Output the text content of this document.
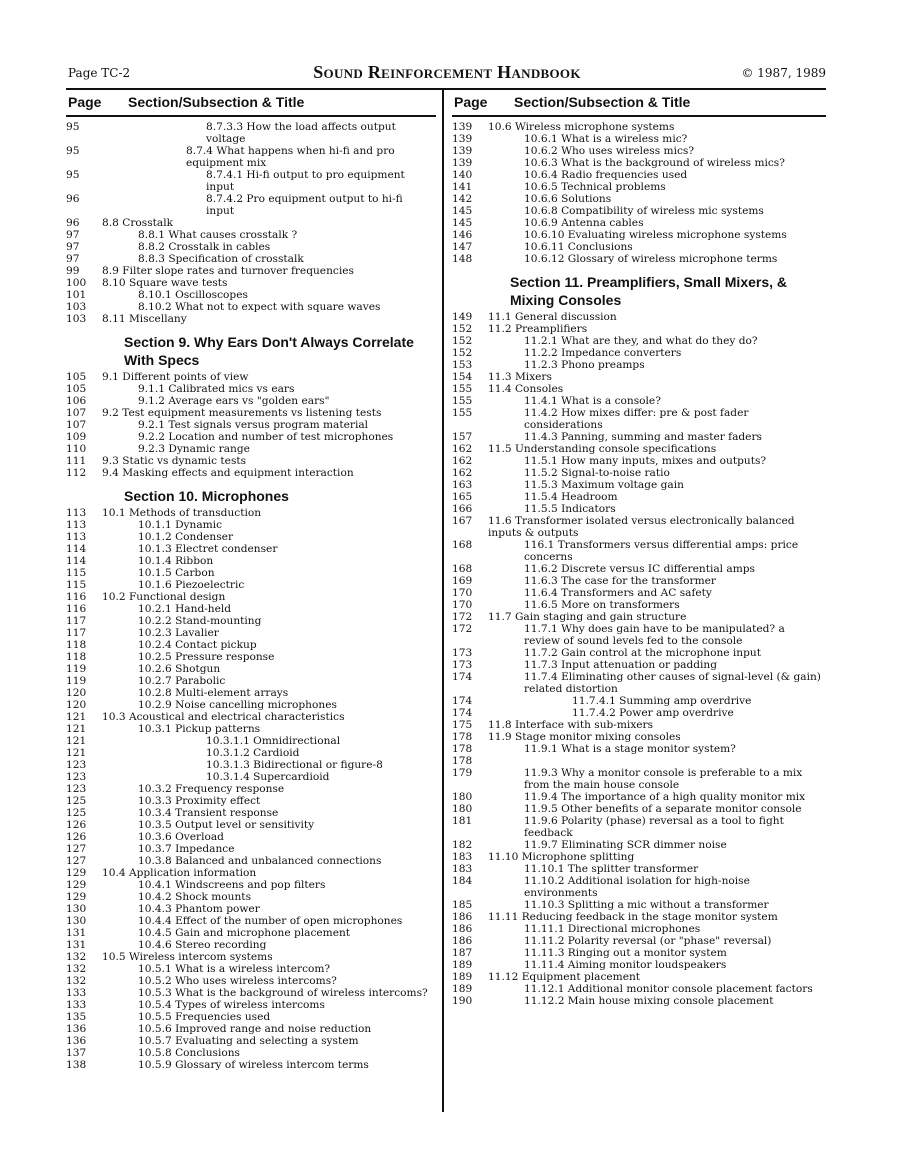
Page TC-2	Sound Reinforcement Handbook	© 1987, 1989
Page Section/Subsection & Title
95	8.7.3.3 How the load affects output voltage
95	8.7.4 What happens when hi-fi and pro equipment mix
95	8.7.4.1 Hi-fi output to pro equipment input
96	8.7.4.2 Pro equipment output to hi-fi input
96	8.8 Crosstalk
97	8.8.1 What causes crosstalk ?
97	8.8.2 Crosstalk in cables
97	8.8.3 Specification of crosstalk
99	8.9 Filter slope rates and turnover frequencies
100	8.10 Square wave tests
101	8.10.1 Oscilloscopes
103	8.10.2 What not to expect with square waves
103	8.11 Miscellany
Section 9. Why Ears Don't Always Correlate With Specs
105	9.1 Different points of view
105	9.1.1 Calibrated mics vs ears
106	9.1.2 Average ears vs "golden ears"
107	9.2 Test equipment measurements vs listening tests
107	9.2.1 Test signals versus program material
109	9.2.2 Location and number of test microphones
110	9.2.3 Dynamic range
111	9.3 Static vs dynamic tests
112	9.4 Masking effects and equipment interaction
Section 10. Microphones
113	10.1 Methods of transduction
113	10.1.1 Dynamic
113	10.1.2 Condenser
114	10.1.3 Electret condenser
114	10.1.4 Ribbon
115	10.1.5 Carbon
115	10.1.6 Piezoelectric
116	10.2 Functional design
116	10.2.1 Hand-held
117	10.2.2 Stand-mounting
117	10.2.3 Lavalier
118	10.2.4 Contact pickup
118	10.2.5 Pressure response
119	10.2.6 Shotgun
119	10.2.7 Parabolic
120	10.2.8 Multi-element arrays
120	10.2.9 Noise cancelling microphones
121	10.3 Acoustical and electrical characteristics
121	10.3.1 Pickup patterns
121	10.3.1.1 Omnidirectional
121	10.3.1.2 Cardioid
123	10.3.1.3 Bidirectional or figure-8
123	10.3.1.4 Supercardioid
123	10.3.2 Frequency response
125	10.3.3 Proximity effect
125	10.3.4 Transient response
126	10.3.5 Output level or sensitivity
126	10.3.6 Overload
127	10.3.7 Impedance
127	10.3.8 Balanced and unbalanced connections
129	10.4 Application information
129	10.4.1 Windscreens and pop filters
129	10.4.2 Shock mounts
130	10.4.3 Phantom power
130	10.4.4 Effect of the number of open microphones
131	10.4.5 Gain and microphone placement
131	10.4.6 Stereo recording
132	10.5 Wireless intercom systems
132	10.5.1 What is a wireless intercom?
132	10.5.2 Who uses wireless intercoms?
133	10.5.3 What is the background of wireless intercoms?
133	10.5.4 Types of wireless intercoms
135	10.5.5 Frequencies used
136	10.5.6 Improved range and noise reduction
136	10.5.7 Evaluating and selecting a system
137	10.5.8 Conclusions
138	10.5.9 Glossary of wireless intercom terms
Page Section/Subsection & Title
139	10.6 Wireless microphone systems
139	10.6.1 What is a wireless mic?
139	10.6.2 Who uses wireless mics?
139	10.6.3 What is the background of wireless mics?
140	10.6.4 Radio frequencies used
141	10.6.5 Technical problems
142	10.6.6 Solutions
145	10.6.8 Compatibility of wireless mic systems
145	10.6.9 Antenna cables
146	10.6.10 Evaluating wireless microphone systems
147	10.6.11 Conclusions
148	10.6.12 Glossary of wireless microphone terms
Section 11. Preamplifiers, Small Mixers, & Mixing Consoles
149	11.1 General discussion
152	11.2 Preamplifiers
152	11.2.1 What are they, and what do they do?
152	11.2.2 Impedance converters
153	11.2.3 Phono preamps
154	11.3 Mixers
155	11.4 Consoles
155	11.4.1 What is a console?
155	11.4.2 How mixes differ: pre & post fader considerations
157	11.4.3 Panning, summing and master faders
162	11.5 Understanding console specifications
162	11.5.1 How many inputs, mixes and outputs?
162	11.5.2 Signal-to-noise ratio
163	11.5.3 Maximum voltage gain
165	11.5.4 Headroom
166	11.5.5 Indicators
167	11.6 Transformer isolated versus electronically balanced inputs & outputs
168	116.1 Transformers versus differential amps: price concerns
168	11.6.2 Discrete versus IC differential amps
169	11.6.3 The case for the transformer
170	11.6.4 Transformers and AC safety
170	11.6.5 More on transformers
172	11.7 Gain staging and gain structure
172	11.7.1 Why does gain have to be manipulated? a review of sound levels fed to the console
173	11.7.2 Gain control at the microphone input
173	11.7.3 Input attenuation or padding
174	11.7.4 Eliminating other causes of signal-level (& gain) related distortion
174	11.7.4.1 Summing amp overdrive
174	11.7.4.2 Power amp overdrive
175	11.8 Interface with sub-mixers
178	11.9 Stage monitor mixing consoles
178	11.9.1 What is a stage monitor system?
178

179	11.9.3 Why a monitor console is preferable to a mix from the main house console
180	11.9.4 The importance of a high quality monitor mix
180	11.9.5 Other benefits of a separate monitor console
181	11.9.6 Polarity (phase) reversal as a tool to fight feedback
182	11.9.7 Eliminating SCR dimmer noise
183	11.10 Microphone splitting
183	11.10.1 The splitter transformer
184	11.10.2 Additional isolation for high-noise environments
185	11.10.3 Splitting a mic without a transformer
186	11.11 Reducing feedback in the stage monitor system
186	11.11.1 Directional microphones
186	11.11.2 Polarity reversal (or "phase" reversal)
187	11.11.3 Ringing out a monitor system
189	11.11.4 Aiming monitor loudspeakers
189	11.12 Equipment placement
189	11.12.1 Additional monitor console placement factors
190	11.12.2 Main house mixing console placement
